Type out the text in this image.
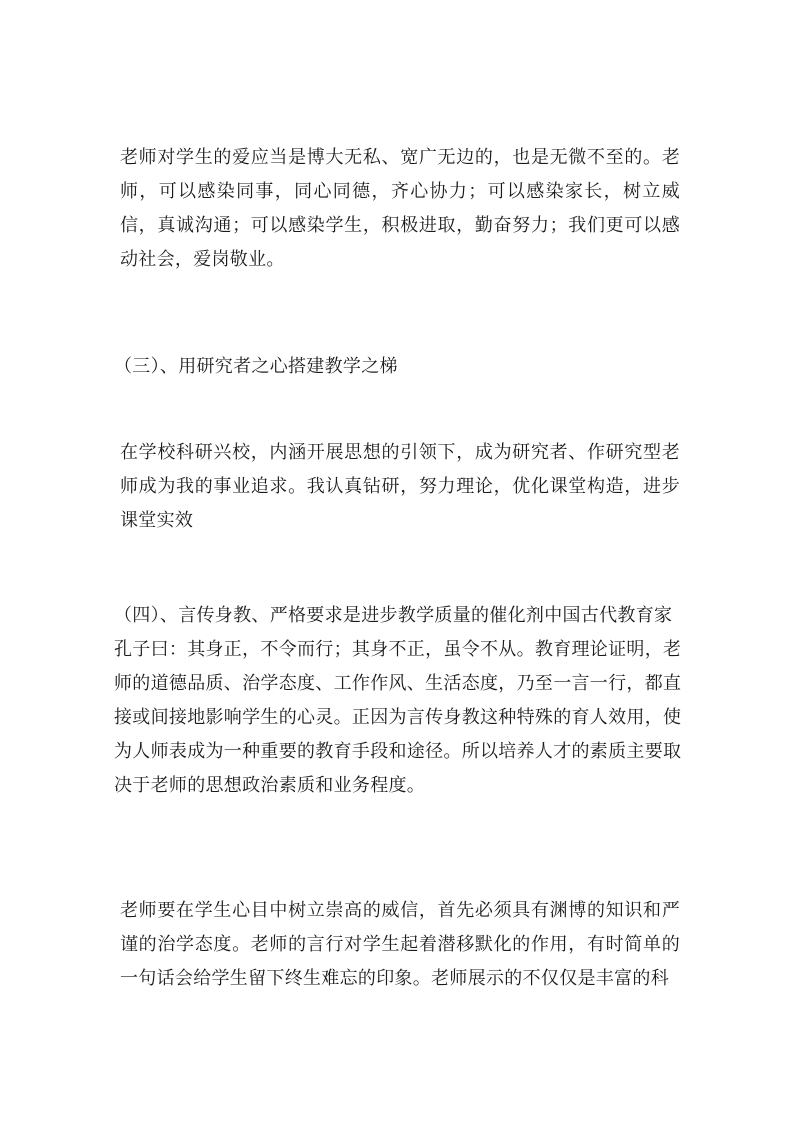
老师对学生的爱应当是博大无私、宽广无边的，也是无微不至的。老师，可以感染同事，同心同德，齐心协力；可以感染家长，树立威信，真诚沟通；可以感染学生，积极进取，勤奋努力；我们更可以感动社会，爱岗敬业。

（三）、用研究者之心搭建教学之梯

在学校科研兴校，内涵开展思想的引领下，成为研究者、作研究型老师成为我的事业追求。我认真钻研，努力理论，优化课堂构造，进步课堂实效

（四）、言传身教、严格要求是进步教学质量的催化剂中国古代教育家孔子曰：其身正，不令而行；其身不正，虽令不从。教育理论证明，老师的道德品质、治学态度、工作作风、生活态度，乃至一言一行，都直接或间接地影响学生的心灵。正因为言传身教这种特殊的育人效用，使为人师表成为一种重要的教育手段和途径。所以培养人才的素质主要取决于老师的思想政治素质和业务程度。

老师要在学生心目中树立崇高的威信，首先必须具有渊博的知识和严谨的治学态度。老师的言行对学生起着潜移默化的作用，有时简单的一句话会给学生留下终生难忘的印象。老师展示的不仅仅是丰富的科
